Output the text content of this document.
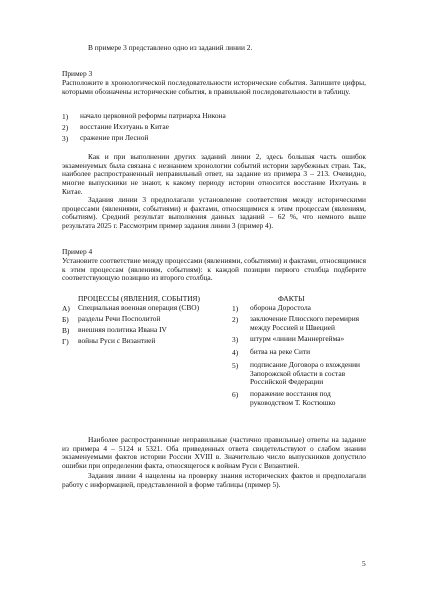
В примере 3 представлено одно из заданий линии 2.
Пример 3
Расположите в хронологической последовательности исторические события. Запишите цифры, которыми обозначены исторические события, в правильной последовательности в таблицу.
1)	начало церковной реформы патриарха Никона
2)	восстание Ихэтуань в Китае
3)	сражение при Лесной
Как и при выполнении других заданий линии 2, здесь большая часть ошибок экзаменуемых была связана с незнанием хронологии событий истории зарубежных стран. Так, наиболее распространенный неправильный ответ, на задание из примера 3 – 213. Очевидно, многие выпускники не знают, к какому периоду истории относится восстание Ихэтуань в Китае.
Задания линии 3 предполагали установление соответствия между историческими процессами (явлениями, событиями) и фактами, относящимися к этим процессам (явлениям, событиям). Средний результат выполнения данных заданий – 62 %, что немного выше результата 2025 г. Рассмотрим пример задания линии 3 (пример 4).
Пример 4
Установите соответствие между процессами (явлениями, событиями) и фактами, относящимися к этим процессам (явлениям, событиям): к каждой позиции первого столбца подберите соответствующую позицию из второго столбца.
ПРОЦЕССЫ (ЯВЛЕНИЯ, СОБЫТИЯ)	ФАКТЫ
А)	Специальная военная операция (СВО)
Б)	разделы Речи Посполитой
В)	внешняя политика Ивана IV
Г)	войны Руси с Византией
1)	оборона Доростола
2)	заключение Плюсского перемирия между Россией и Швецией
3)	штурм «линии Маннергейма»
4)	битва на реке Сити
5)	подписание Договора о вхождении Запорожской области в состав Российской Федерации
6)	поражение восстания под руководством Т. Костюшко
Наиболее распространенные неправильные (частично правильные) ответы на задание из примера 4 – 5124 и 5321. Оба приведенных ответа свидетельствуют о слабом знании экзаменуемыми фактов истории России XVIII в. Значительно число выпускников допустило ошибки при определении факта, относящегося к войнам Руси с Византией.
Задания линии 4 нацелены на проверку знания исторических фактов и предполагали работу с информацией, представленной в форме таблицы (пример 5).
5
